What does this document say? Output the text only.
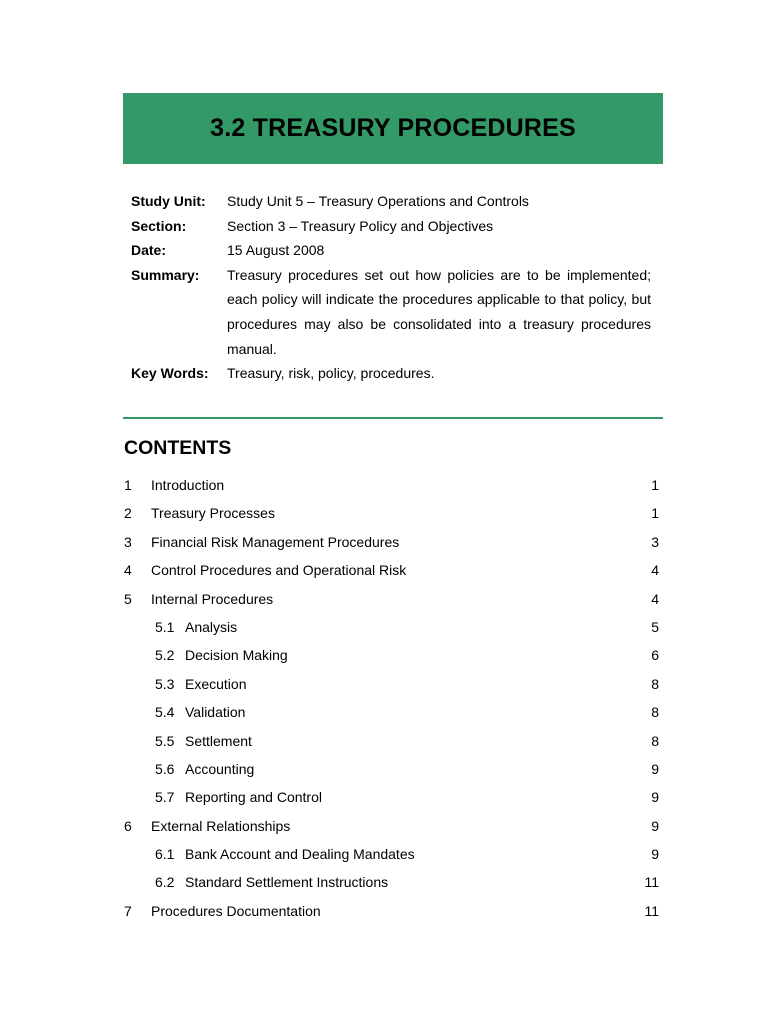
3.2 TREASURY PROCEDURES
Study Unit:	Study Unit 5 – Treasury Operations and Controls
Section:	Section 3 – Treasury Policy and Objectives
Date:	15 August 2008
Summary:	Treasury procedures set out how policies are to be implemented; each policy will indicate the procedures applicable to that policy, but procedures may also be consolidated into a treasury procedures manual.
Key Words:	Treasury, risk, policy, procedures.
CONTENTS
1	Introduction	1
2	Treasury Processes	1
3	Financial Risk Management Procedures	3
4	Control Procedures and Operational Risk	4
5	Internal Procedures	4
5.1 Analysis	5
5.2 Decision Making	6
5.3 Execution	8
5.4 Validation	8
5.5 Settlement	8
5.6 Accounting	9
5.7 Reporting and Control	9
6	External Relationships	9
6.1 Bank Account and Dealing Mandates	9
6.2 Standard Settlement Instructions	11
7	Procedures Documentation	11
